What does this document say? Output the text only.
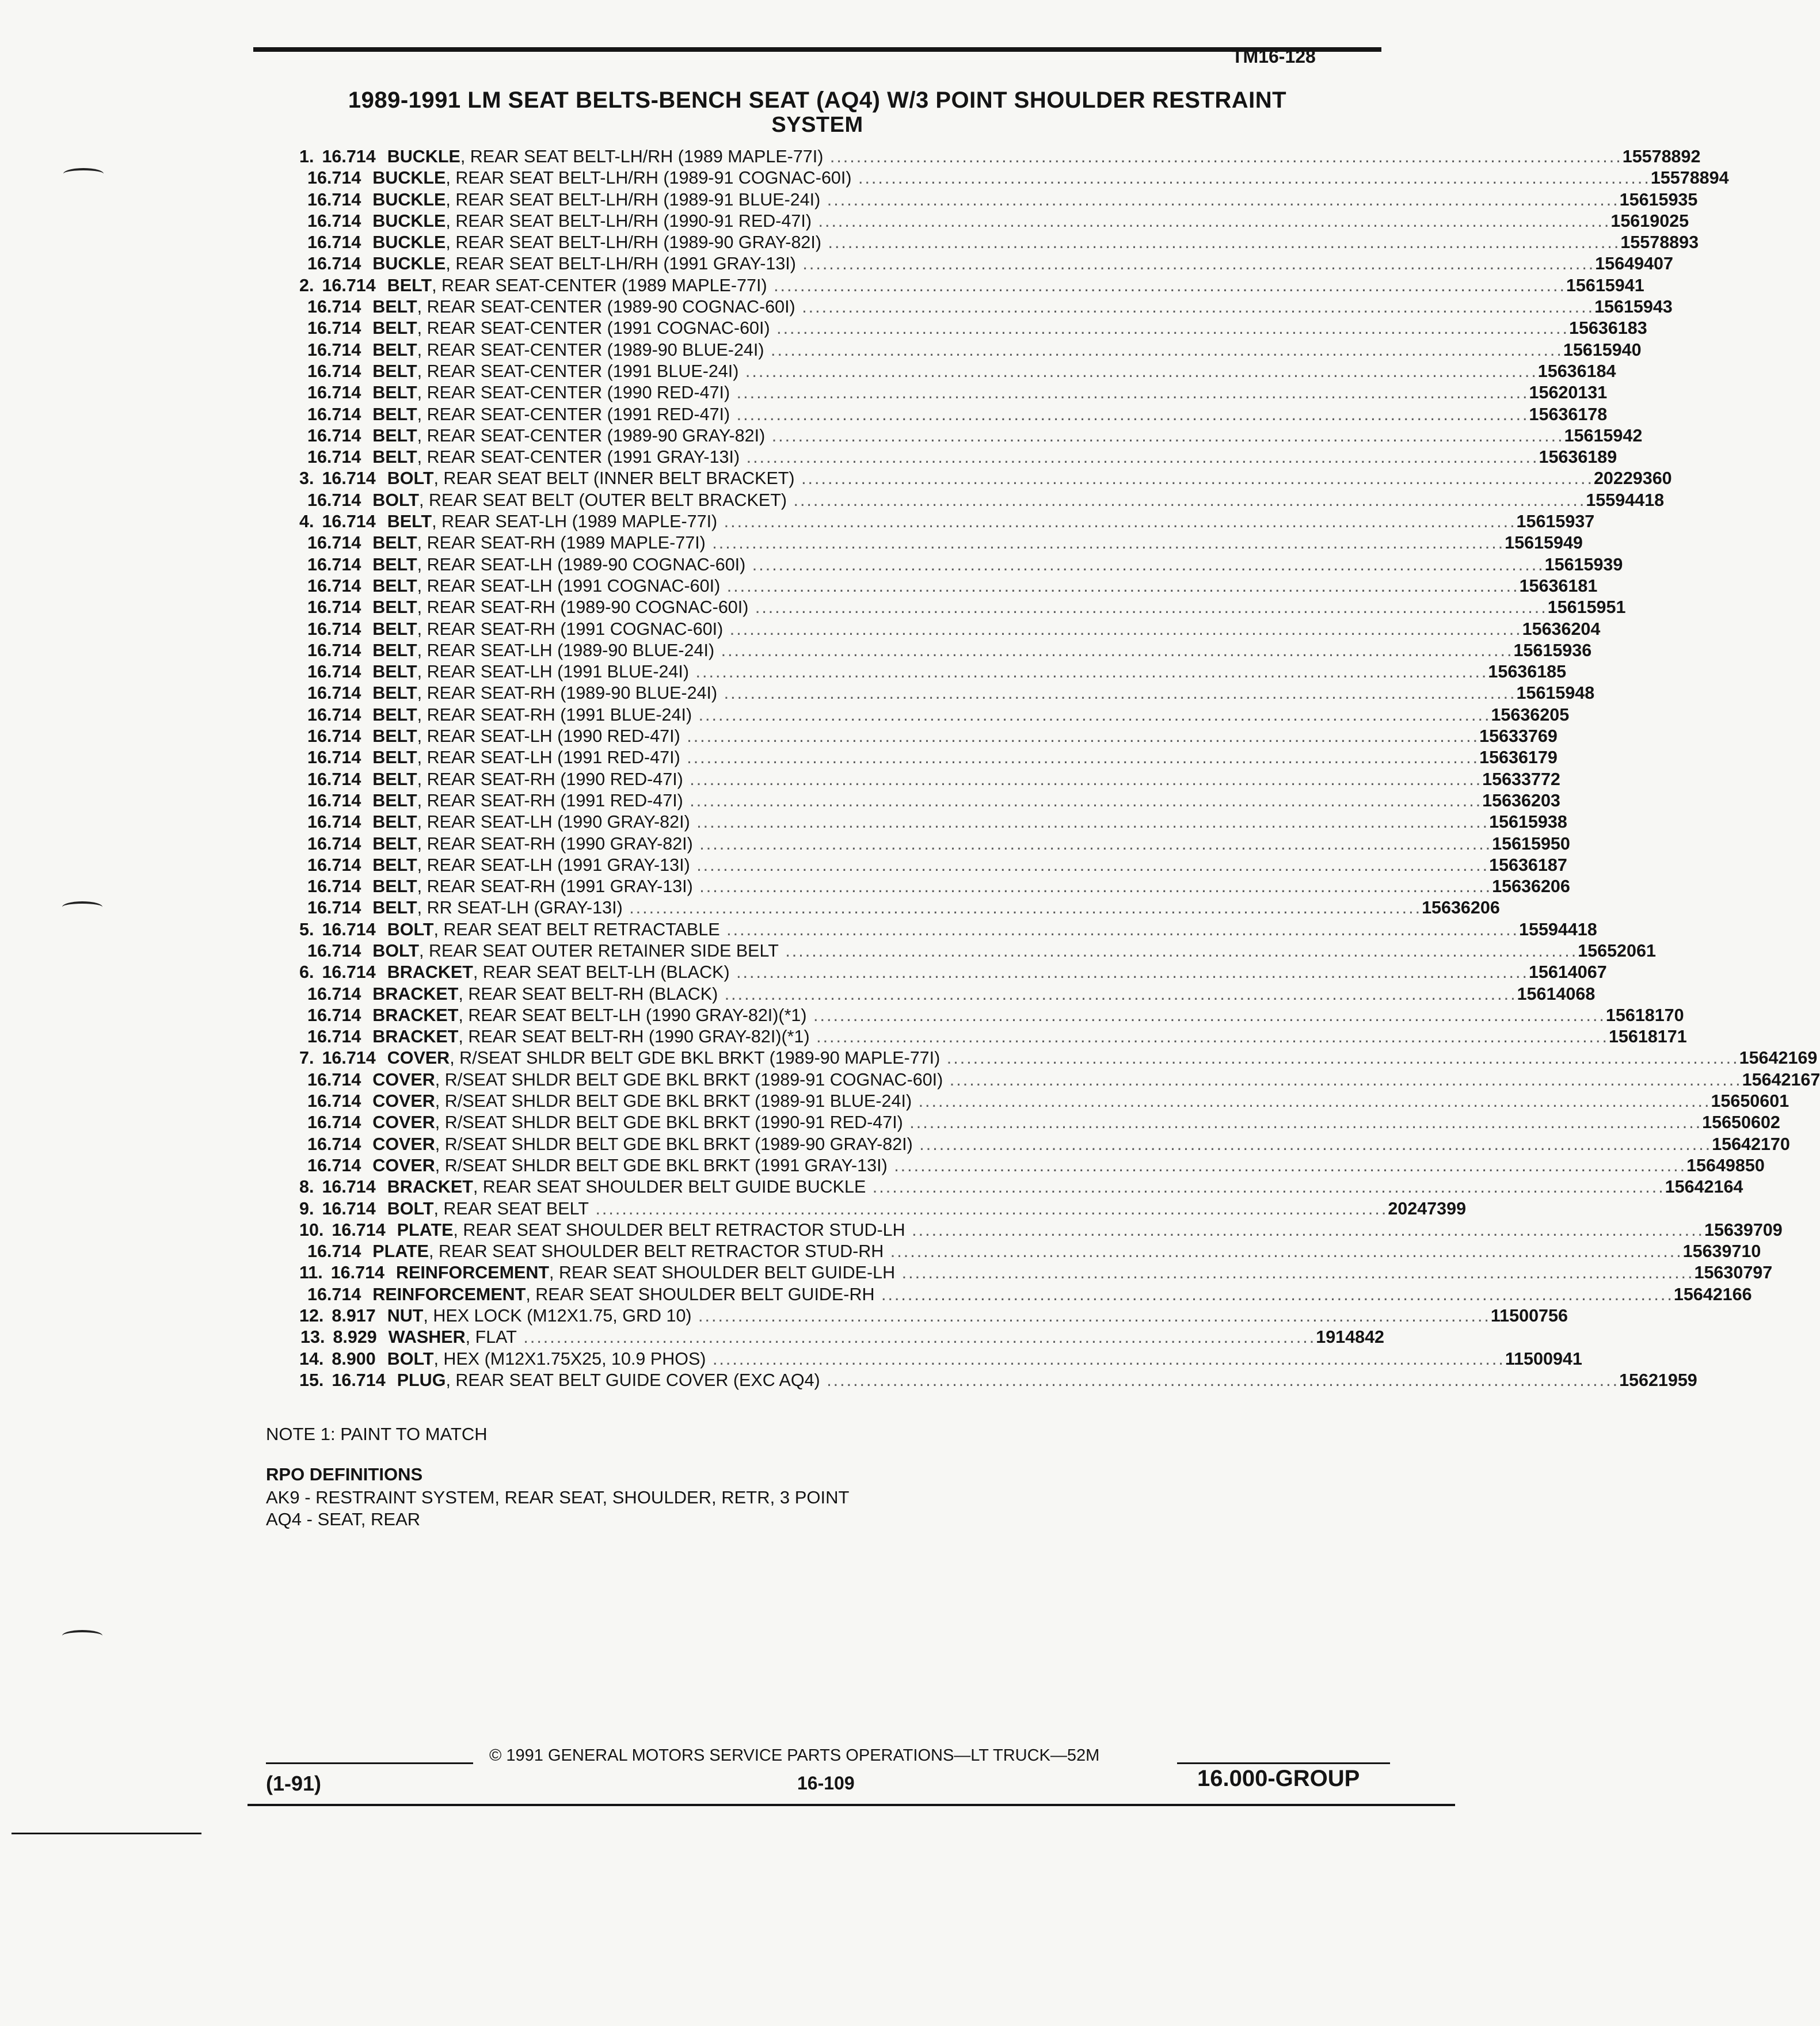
TM16-128
1989-1991 LM SEAT BELTS-BENCH SEAT (AQ4) W/3 POINT SHOULDER RESTRAINT
SYSTEM
1. 16.714 BUCKLE, REAR SEAT BELT-LH/RH (1989 MAPLE-77I) ........................................................................................................................ 15578892
16.714 BUCKLE, REAR SEAT BELT-LH/RH (1989-91 COGNAC-60I) ........................................................................................................................ 15578894
16.714 BUCKLE, REAR SEAT BELT-LH/RH (1989-91 BLUE-24I) ........................................................................................................................ 15615935
16.714 BUCKLE, REAR SEAT BELT-LH/RH (1990-91 RED-47I) ........................................................................................................................ 15619025
16.714 BUCKLE, REAR SEAT BELT-LH/RH (1989-90 GRAY-82I) ........................................................................................................................ 15578893
16.714 BUCKLE, REAR SEAT BELT-LH/RH (1991 GRAY-13I) ........................................................................................................................ 15649407
2. 16.714 BELT, REAR SEAT-CENTER (1989 MAPLE-77I) ........................................................................................................................ 15615941
16.714 BELT, REAR SEAT-CENTER (1989-90 COGNAC-60I) ........................................................................................................................ 15615943
16.714 BELT, REAR SEAT-CENTER (1991 COGNAC-60I) ........................................................................................................................ 15636183
16.714 BELT, REAR SEAT-CENTER (1989-90 BLUE-24I) ........................................................................................................................ 15615940
16.714 BELT, REAR SEAT-CENTER (1991 BLUE-24I) ........................................................................................................................ 15636184
16.714 BELT, REAR SEAT-CENTER (1990 RED-47I) ........................................................................................................................ 15620131
16.714 BELT, REAR SEAT-CENTER (1991 RED-47I) ........................................................................................................................ 15636178
16.714 BELT, REAR SEAT-CENTER (1989-90 GRAY-82I) ........................................................................................................................ 15615942
16.714 BELT, REAR SEAT-CENTER (1991 GRAY-13I) ........................................................................................................................ 15636189
3. 16.714 BOLT, REAR SEAT BELT (INNER BELT BRACKET) ........................................................................................................................ 20229360
16.714 BOLT, REAR SEAT BELT (OUTER BELT BRACKET) ........................................................................................................................ 15594418
4. 16.714 BELT, REAR SEAT-LH (1989 MAPLE-77I) ........................................................................................................................ 15615937
16.714 BELT, REAR SEAT-RH (1989 MAPLE-77I) ........................................................................................................................ 15615949
16.714 BELT, REAR SEAT-LH (1989-90 COGNAC-60I) ........................................................................................................................ 15615939
16.714 BELT, REAR SEAT-LH (1991 COGNAC-60I) ........................................................................................................................ 15636181
16.714 BELT, REAR SEAT-RH (1989-90 COGNAC-60I) ........................................................................................................................ 15615951
16.714 BELT, REAR SEAT-RH (1991 COGNAC-60I) ........................................................................................................................ 15636204
16.714 BELT, REAR SEAT-LH (1989-90 BLUE-24I) ........................................................................................................................ 15615936
16.714 BELT, REAR SEAT-LH (1991 BLUE-24I) ........................................................................................................................ 15636185
16.714 BELT, REAR SEAT-RH (1989-90 BLUE-24I) ........................................................................................................................ 15615948
16.714 BELT, REAR SEAT-RH (1991 BLUE-24I) ........................................................................................................................ 15636205
16.714 BELT, REAR SEAT-LH (1990 RED-47I) ........................................................................................................................ 15633769
16.714 BELT, REAR SEAT-LH (1991 RED-47I) ........................................................................................................................ 15636179
16.714 BELT, REAR SEAT-RH (1990 RED-47I) ........................................................................................................................ 15633772
16.714 BELT, REAR SEAT-RH (1991 RED-47I) ........................................................................................................................ 15636203
16.714 BELT, REAR SEAT-LH (1990 GRAY-82I) ........................................................................................................................ 15615938
16.714 BELT, REAR SEAT-RH (1990 GRAY-82I) ........................................................................................................................ 15615950
16.714 BELT, REAR SEAT-LH (1991 GRAY-13I) ........................................................................................................................ 15636187
16.714 BELT, REAR SEAT-RH (1991 GRAY-13I) ........................................................................................................................ 15636206
16.714 BELT, RR SEAT-LH (GRAY-13I) ........................................................................................................................ 15636206
5. 16.714 BOLT, REAR SEAT BELT RETRACTABLE ........................................................................................................................ 15594418
16.714 BOLT, REAR SEAT OUTER RETAINER SIDE BELT ........................................................................................................................ 15652061
6. 16.714 BRACKET, REAR SEAT BELT-LH (BLACK) ........................................................................................................................ 15614067
16.714 BRACKET, REAR SEAT BELT-RH (BLACK) ........................................................................................................................ 15614068
16.714 BRACKET, REAR SEAT BELT-LH (1990 GRAY-82I)(*1) ........................................................................................................................ 15618170
16.714 BRACKET, REAR SEAT BELT-RH (1990 GRAY-82I)(*1) ........................................................................................................................ 15618171
7. 16.714 COVER, R/SEAT SHLDR BELT GDE BKL BRKT (1989-90 MAPLE-77I) ........................................................................................................................ 15642169
16.714 COVER, R/SEAT SHLDR BELT GDE BKL BRKT (1989-91 COGNAC-60I) ........................................................................................................................ 15642167
16.714 COVER, R/SEAT SHLDR BELT GDE BKL BRKT (1989-91 BLUE-24I) ........................................................................................................................ 15650601
16.714 COVER, R/SEAT SHLDR BELT GDE BKL BRKT (1990-91 RED-47I) ........................................................................................................................ 15650602
16.714 COVER, R/SEAT SHLDR BELT GDE BKL BRKT (1989-90 GRAY-82I) ........................................................................................................................ 15642170
16.714 COVER, R/SEAT SHLDR BELT GDE BKL BRKT (1991 GRAY-13I) ........................................................................................................................ 15649850
8. 16.714 BRACKET, REAR SEAT SHOULDER BELT GUIDE BUCKLE ........................................................................................................................ 15642164
9. 16.714 BOLT, REAR SEAT BELT ........................................................................................................................ 20247399
10. 16.714 PLATE, REAR SEAT SHOULDER BELT RETRACTOR STUD-LH ........................................................................................................................ 15639709
16.714 PLATE, REAR SEAT SHOULDER BELT RETRACTOR STUD-RH ........................................................................................................................ 15639710
11. 16.714 REINFORCEMENT, REAR SEAT SHOULDER BELT GUIDE-LH ........................................................................................................................ 15630797
16.714 REINFORCEMENT, REAR SEAT SHOULDER BELT GUIDE-RH ........................................................................................................................ 15642166
12. 8.917 NUT, HEX LOCK (M12X1.75, GRD 10) ........................................................................................................................ 11500756
13. 8.929 WASHER, FLAT ........................................................................................................................ 1914842
14. 8.900 BOLT, HEX (M12X1.75X25, 10.9 PHOS) ........................................................................................................................ 11500941
15. 16.714 PLUG, REAR SEAT BELT GUIDE COVER (EXC AQ4) ........................................................................................................................ 15621959
NOTE 1: PAINT TO MATCH
RPO DEFINITIONS
AK9 - RESTRAINT SYSTEM, REAR SEAT, SHOULDER, RETR, 3 POINT
AQ4 - SEAT, REAR
© 1991 GENERAL MOTORS SERVICE PARTS OPERATIONS—LT TRUCK—52M
(1-91)	16-109	16.000-GROUP
